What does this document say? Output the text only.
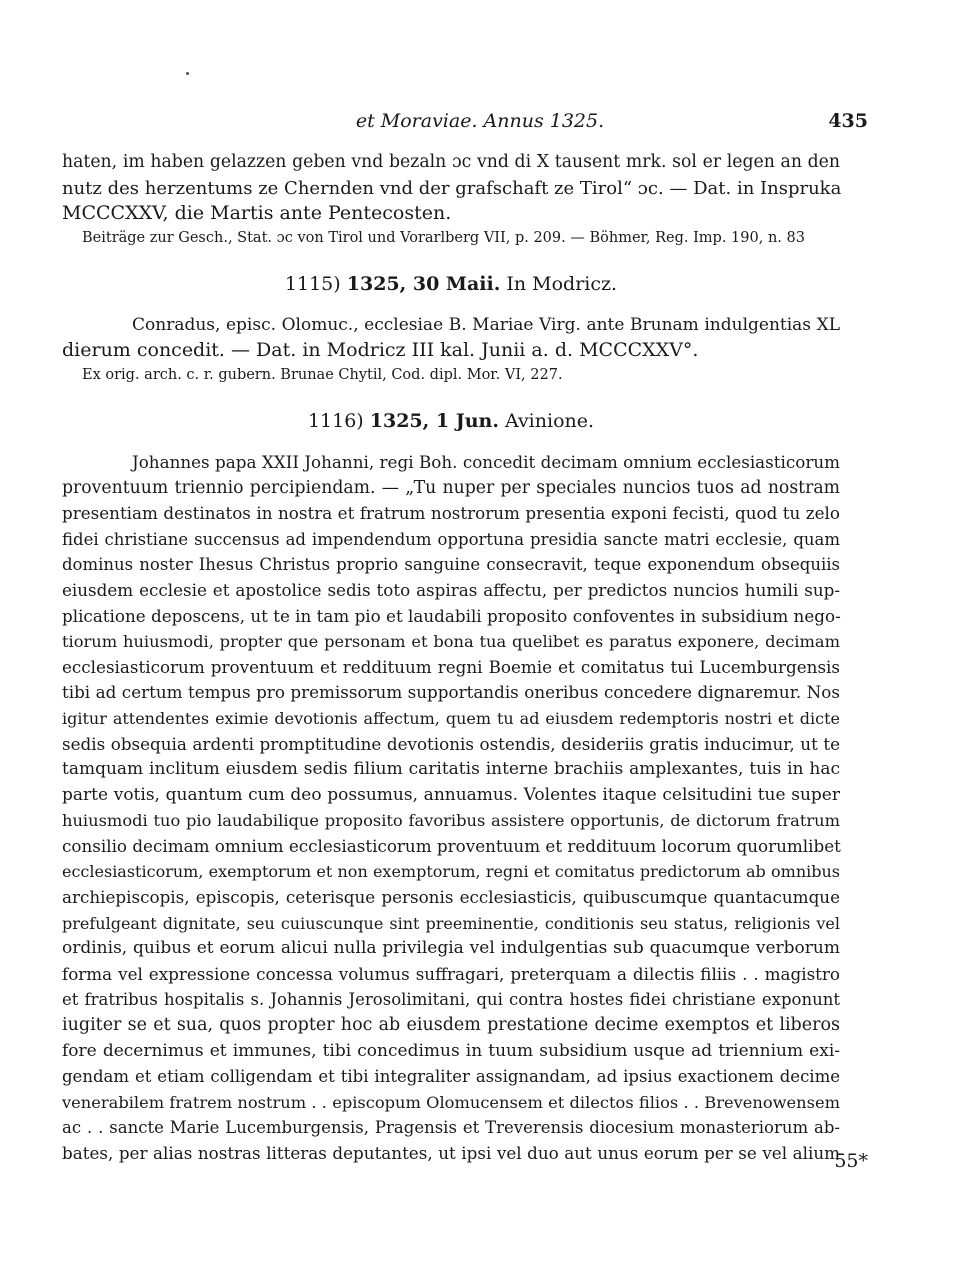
et Moraviae. Annus 1325.	435

haten, im haben gelazzen geben vnd bezaln ɔc vnd di X tausent mrk. sol er legen an den
nutz des herzentums ze Chernden vnd der grafschaft ze Tirol“ ɔc. — Dat. in Inspruka
MCCCXXV, die Martis ante Pentecosten.

Beiträge zur Gesch., Stat. ɔc von Tirol und Vorarlberg VII, p. 209. — Böhmer, Reg. Imp. 190, n. 83

1115) 1325, 30 Maii. In Modricz.

Conradus, episc. Olomuc., ecclesiae B. Mariae Virg. ante Brunam indulgentias XL
dierum concedit. — Dat. in Modricz III kal. Junii a. d. MCCCXXV°.

Ex orig. arch. c. r. gubern. Brunae Chytil, Cod. dipl. Mor. VI, 227.

1116) 1325, 1 Jun. Avinione.

Johannes papa XXII Johanni, regi Boh. concedit decimam omnium ecclesiasticorum
proventuum triennio percipiendam. — „Tu nuper per speciales nuncios tuos ad nostram
presentiam destinatos in nostra et fratrum nostrorum presentia exponi fecisti, quod tu zelo
fidei christiane succensus ad impendendum opportuna presidia sancte matri ecclesie, quam
dominus noster Ihesus Christus proprio sanguine consecravit, teque exponendum obsequiis
eiusdem ecclesie et apostolice sedis toto aspiras affectu, per predictos nuncios humili sup-
plicatione deposcens, ut te in tam pio et laudabili proposito confoventes in subsidium nego-
tiorum huiusmodi, propter que personam et bona tua quelibet es paratus exponere, decimam
ecclesiasticorum proventuum et reddituum regni Boemie et comitatus tui Lucemburgensis
tibi ad certum tempus pro premissorum supportandis oneribus concedere dignaremur. Nos
igitur attendentes eximie devotionis affectum, quem tu ad eiusdem redemptoris nostri et dicte
sedis obsequia ardenti promptitudine devotionis ostendis, desideriis gratis inducimur, ut te
tamquam inclitum eiusdem sedis filium caritatis interne brachiis amplexantes, tuis in hac
parte votis, quantum cum deo possumus, annuamus. Volentes itaque celsitudini tue super
huiusmodi tuo pio laudabilique proposito favoribus assistere opportunis, de dictorum fratrum
consilio decimam omnium ecclesiasticorum proventuum et reddituum locorum quorumlibet
ecclesiasticorum, exemptorum et non exemptorum, regni et comitatus predictorum ab omnibus
archiepiscopis, episcopis, ceterisque personis ecclesiasticis, quibuscumque quantacumque
prefulgeant dignitate, seu cuiuscunque sint preeminentie, conditionis seu status, religionis vel
ordinis, quibus et eorum alicui nulla privilegia vel indulgentias sub quacumque verborum
forma vel expressione concessa volumus suffragari, preterquam a dilectis filiis . . magistro
et fratribus hospitalis s. Johannis Jerosolimitani, qui contra hostes fidei christiane exponunt
iugiter se et sua, quos propter hoc ab eiusdem prestatione decime exemptos et liberos
fore decernimus et immunes, tibi concedimus in tuum subsidium usque ad triennium exi-
gendam et etiam colligendam et tibi integraliter assignandam, ad ipsius exactionem decime
venerabilem fratrem nostrum . . episcopum Olomucensem et dilectos filios . . Brevenowensem
ac . . sancte Marie Lucemburgensis, Pragensis et Treverensis diocesium monasteriorum ab-
bates, per alias nostras litteras deputantes, ut ipsi vel duo aut unus eorum per se vel alium

55*
